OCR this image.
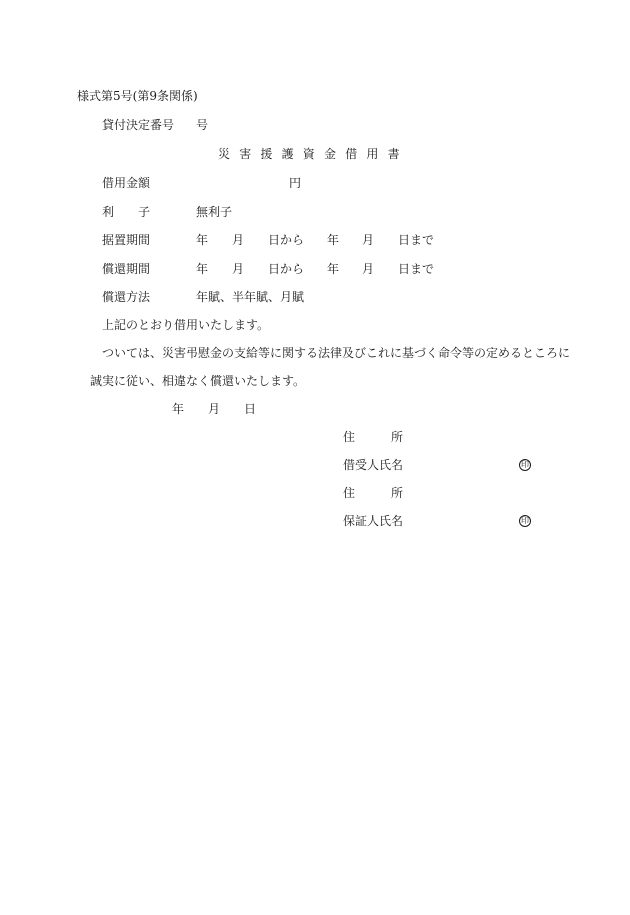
様式第5号(第9条関係)
貸付決定番号 号
災害援護資金借用書
借用金額	円
利 子	無利子
据置期間	年 月 日から 年 月 日まで
償還期間	年 月 日から 年 月 日まで
償還方法	年賦、半年賦、月賦
上記のとおり借用いたします。
ついては、災害弔慰金の支給等に関する法律及びこれに基づく命令等の定めるところに
誠実に従い、相違なく償還いたします。
年 月 日
住	所
借受人氏名	印
住	所
保証人氏名	印
